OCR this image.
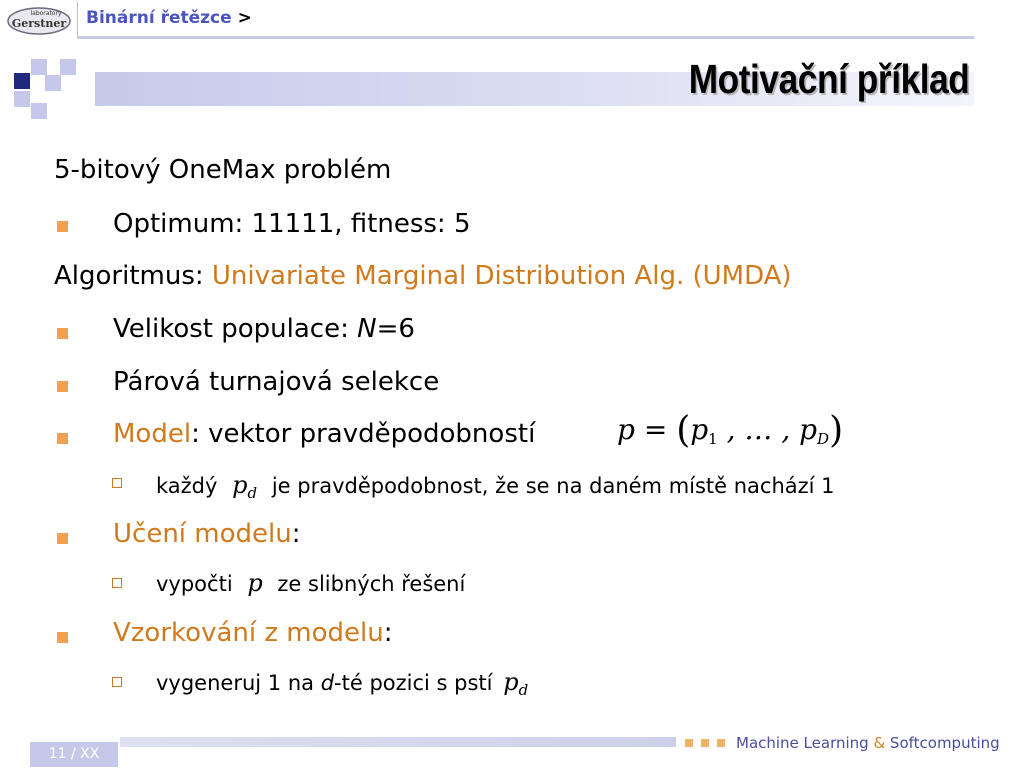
laboratory
Gerstner Binární řetězce >
Motivační příklad
5-bitový OneMax problém
Optimum: 11111, fitness: 5
Algoritmus: Univariate Marginal Distribution Alg. (UMDA)
Velikost populace: N=6
Párová turnajová selekce
Model: vektor pravděpodobností	$p = (p_1$ , … , $p_D$)
každý $p_d$ je pravděpodobnost, že se na daném místě nachází 1
Učení modelu:
vypočti p ze slibných řešení
Vzorkování z modelu:
vygeneruj 1 na d-té pozici s pstí $p_d$
11 / XX
Machine Learning & Softcomputing
